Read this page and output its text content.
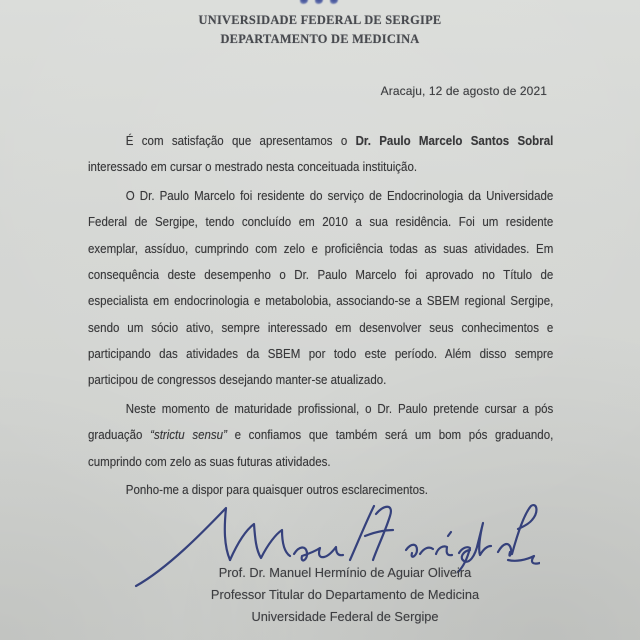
UNIVERSIDADE FEDERAL DE SERGIPE
DEPARTAMENTO DE MEDICINA
Aracaju, 12 de agosto de 2021
É com satisfação que apresentamos o Dr. Paulo Marcelo Santos Sobral
interessado em cursar o mestrado nesta conceituada instituição.
O Dr. Paulo Marcelo foi residente do serviço de Endocrinologia da Universidade
Federal de Sergipe, tendo concluído em 2010 a sua residência. Foi um residente
exemplar, assíduo, cumprindo com zelo e proficiência todas as suas atividades. Em
consequência deste desempenho o Dr. Paulo Marcelo foi aprovado no Título de
especialista em endocrinologia e metabolobia, associando-se a SBEM regional Sergipe,
sendo um sócio ativo, sempre interessado em desenvolver seus conhecimentos e
participando das atividades da SBEM por todo este período. Além disso sempre
participou de congressos desejando manter-se atualizado.
Neste momento de maturidade profissional, o Dr. Paulo pretende cursar a pós
graduação “strictu sensu” e confiamos que também será um bom pós graduando,
cumprindo com zelo as suas futuras atividades.
Ponho-me a dispor para quaisquer outros esclarecimentos.
Prof. Dr. Manuel Hermínio de Aguiar Oliveira
Professor Titular do Departamento de Medicina
Universidade Federal de Sergipe
